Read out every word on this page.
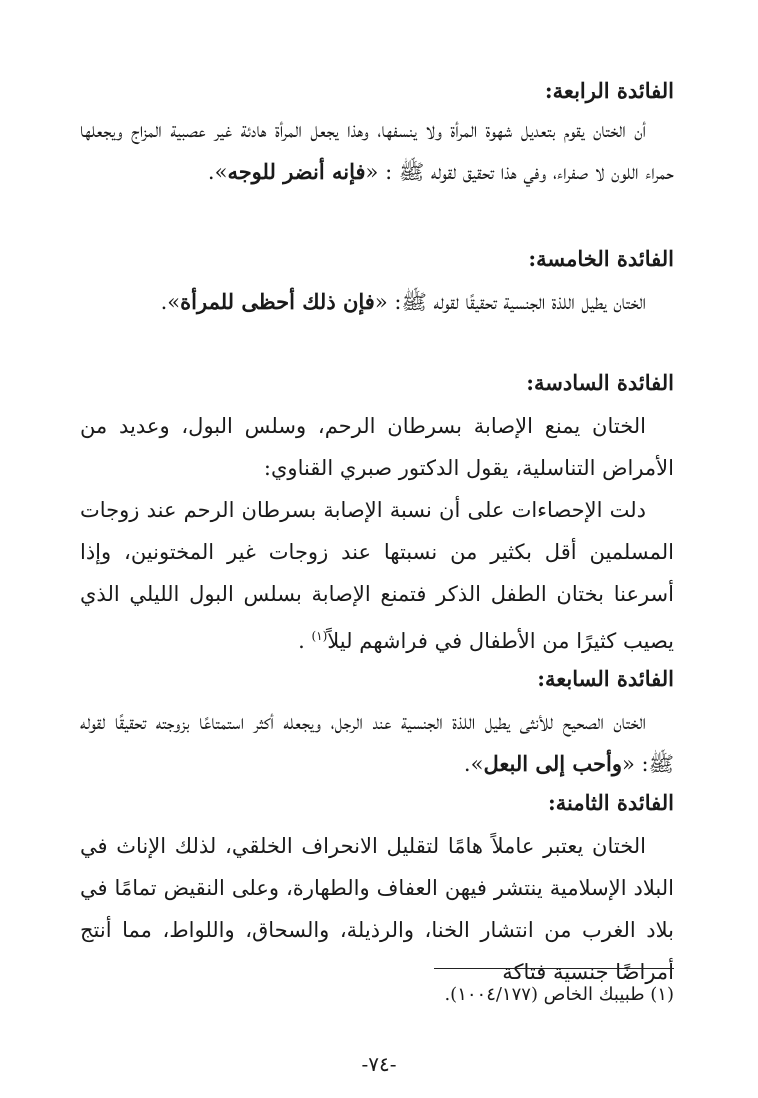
الفائدة الرابعة:
أن الختان يقوم بتعديل شهوة المرأة ولا ينسفها، وهذا يجعل المرأة هادئة غير عصبية المزاج ويجعلها حمراء اللون لا صفراء، وفي هذا تحقيق لقوله ﷺ : «فإنه أنضر للوجه».
الفائدة الخامسة:
الختان يطيل اللذة الجنسية تحقيقًا لقوله ﷺ: «فإن ذلك أحظى للمرأة».
الفائدة السادسة:
الختان يمنع الإصابة بسرطان الرحم، وسلس البول، وعديد من الأمراض التناسلية، يقول الدكتور صبري القناوي:
دلت الإحصاءات على أن نسبة الإصابة بسرطان الرحم عند زوجات المسلمين أقل بكثير من نسبتها عند زوجات غير المختونين، وإذا أسرعنا بختان الطفل الذكر فتمنع الإصابة بسلس البول الليلي الذي يصيب كثيرًا من الأطفال في فراشهم ليلاً$^{(١)}$ .
الفائدة السابعة:
الختان الصحيح للأنثى يطيل اللذة الجنسية عند الرجل، ويجعله أكثر استمتاعًا بزوجته تحقيقًا لقوله ﷺ: «وأحب إلى البعل».
الفائدة الثامنة:
الختان يعتبر عاملاً هامًا لتقليل الانحراف الخلقي، لذلك الإناث في البلاد الإسلامية ينتشر فيهن العفاف والطهارة، وعلى النقيض تمامًا في بلاد الغرب من انتشار الخنا، والرذيلة، والسحاق، واللواط، مما أنتج أمراضًا جنسية فتاكة
(١) طبيبك الخاص (١٠٠٤/١٧٧).
-٧٤-
